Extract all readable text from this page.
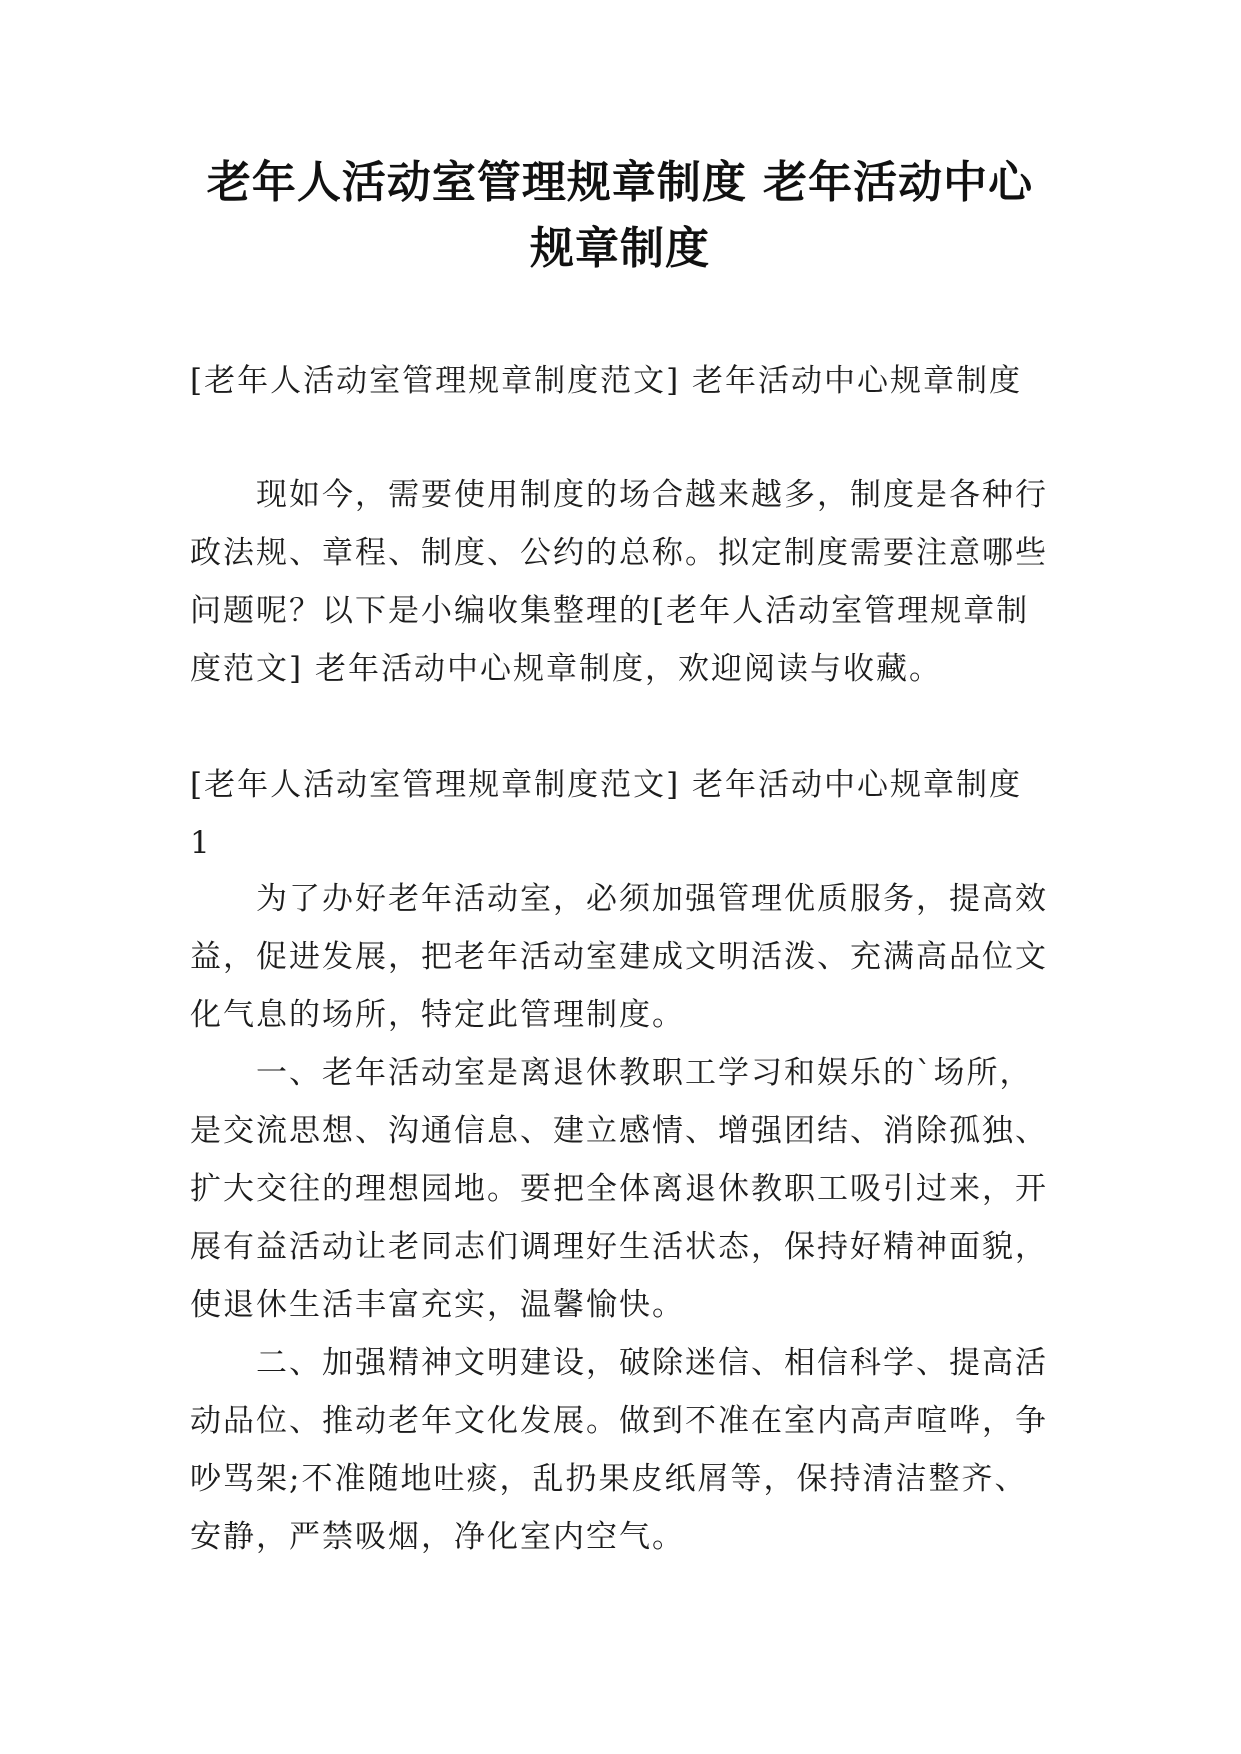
老年人活动室管理规章制度 老年活动中心
规章制度
[老年人活动室管理规章制度范文] 老年活动中心规章制度
现如今，需要使用制度的场合越来越多，制度是各种行
政法规、章程、制度、公约的总称。拟定制度需要注意哪些
问题呢？以下是小编收集整理的[老年人活动室管理规章制
度范文] 老年活动中心规章制度，欢迎阅读与收藏。
[老年人活动室管理规章制度范文] 老年活动中心规章制度
1
为了办好老年活动室，必须加强管理优质服务，提高效
益，促进发展，把老年活动室建成文明活泼、充满高品位文
化气息的场所，特定此管理制度。
一、老年活动室是离退休教职工学习和娱乐的`场所，
是交流思想、沟通信息、建立感情、增强团结、消除孤独、
扩大交往的理想园地。要把全体离退休教职工吸引过来，开
展有益活动让老同志们调理好生活状态，保持好精神面貌，
使退休生活丰富充实，温馨愉快。
二、加强精神文明建设，破除迷信、相信科学、提高活
动品位、推动老年文化发展。做到不准在室内高声喧哗，争
吵骂架;不准随地吐痰，乱扔果皮纸屑等，保持清洁整齐、
安静，严禁吸烟，净化室内空气。
